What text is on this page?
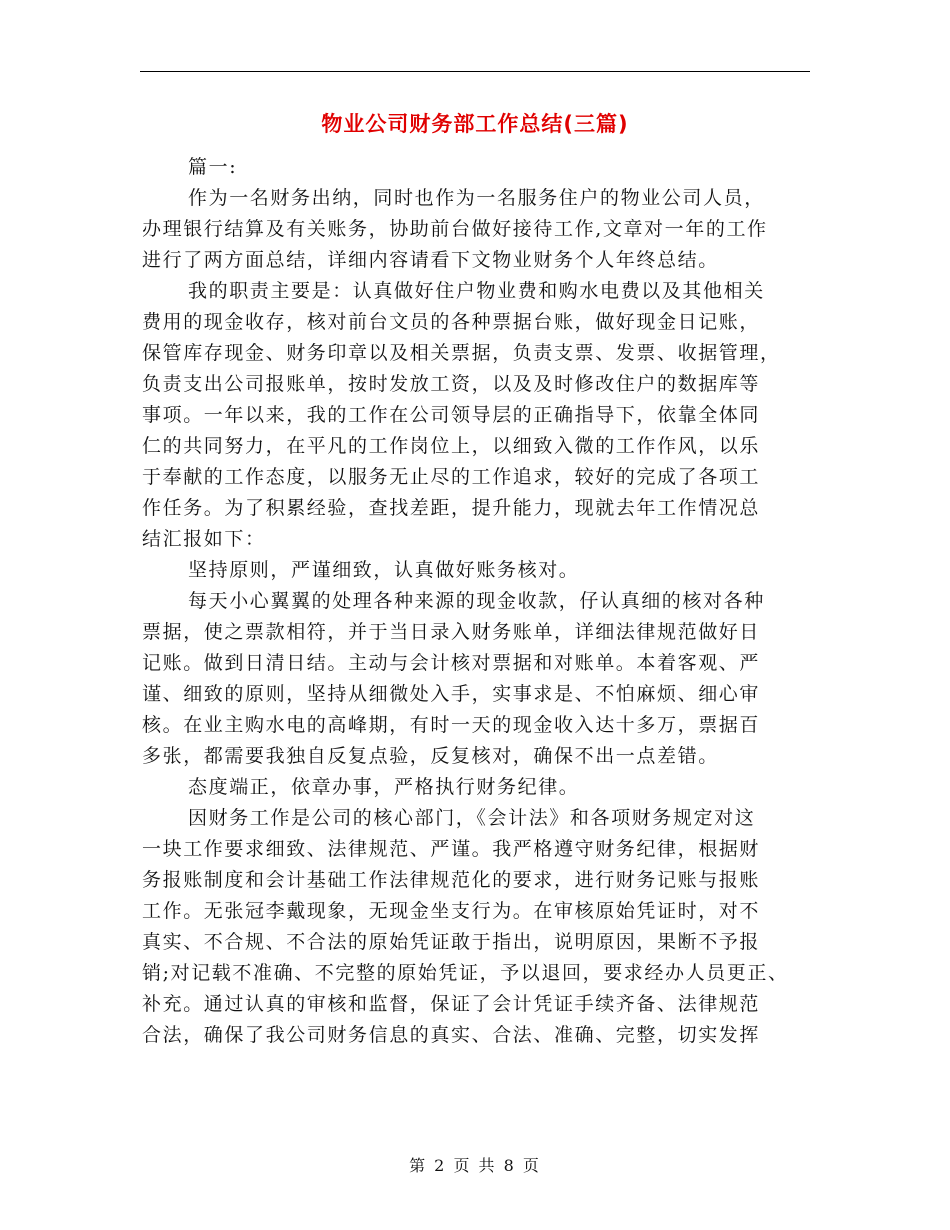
物业公司财务部工作总结(三篇)
篇一:
作为一名财务出纳，同时也作为一名服务住户的物业公司人员，
办理银行结算及有关账务，协助前台做好接待工作,文章对一年的工作
进行了两方面总结，详细内容请看下文物业财务个人年终总结。
我的职责主要是：认真做好住户物业费和购水电费以及其他相关
费用的现金收存，核对前台文员的各种票据台账，做好现金日记账，
保管库存现金、财务印章以及相关票据，负责支票、发票、收据管理，
负责支出公司报账单，按时发放工资，以及及时修改住户的数据库等
事项。一年以来，我的工作在公司领导层的正确指导下，依靠全体同
仁的共同努力，在平凡的工作岗位上，以细致入微的工作作风，以乐
于奉献的工作态度，以服务无止尽的工作追求，较好的完成了各项工
作任务。为了积累经验，查找差距，提升能力，现就去年工作情况总
结汇报如下：
坚持原则，严谨细致，认真做好账务核对。
每天小心翼翼的处理各种来源的现金收款，仔认真细的核对各种
票据，使之票款相符，并于当日录入财务账单，详细法律规范做好日
记账。做到日清日结。主动与会计核对票据和对账单。本着客观、严
谨、细致的原则，坚持从细微处入手，实事求是、不怕麻烦、细心审
核。在业主购水电的高峰期，有时一天的现金收入达十多万，票据百
多张，都需要我独自反复点验，反复核对，确保不出一点差错。
态度端正，依章办事，严格执行财务纪律。
因财务工作是公司的核心部门，《会计法》和各项财务规定对这
一块工作要求细致、法律规范、严谨。我严格遵守财务纪律，根据财
务报账制度和会计基础工作法律规范化的要求，进行财务记账与报账
工作。无张冠李戴现象，无现金坐支行为。在审核原始凭证时，对不
真实、不合规、不合法的原始凭证敢于指出，说明原因，果断不予报
销;对记载不准确、不完整的原始凭证，予以退回，要求经办人员更正、
补充。通过认真的审核和监督，保证了会计凭证手续齐备、法律规范
合法，确保了我公司财务信息的真实、合法、准确、完整，切实发挥
第 2 页 共 8 页
